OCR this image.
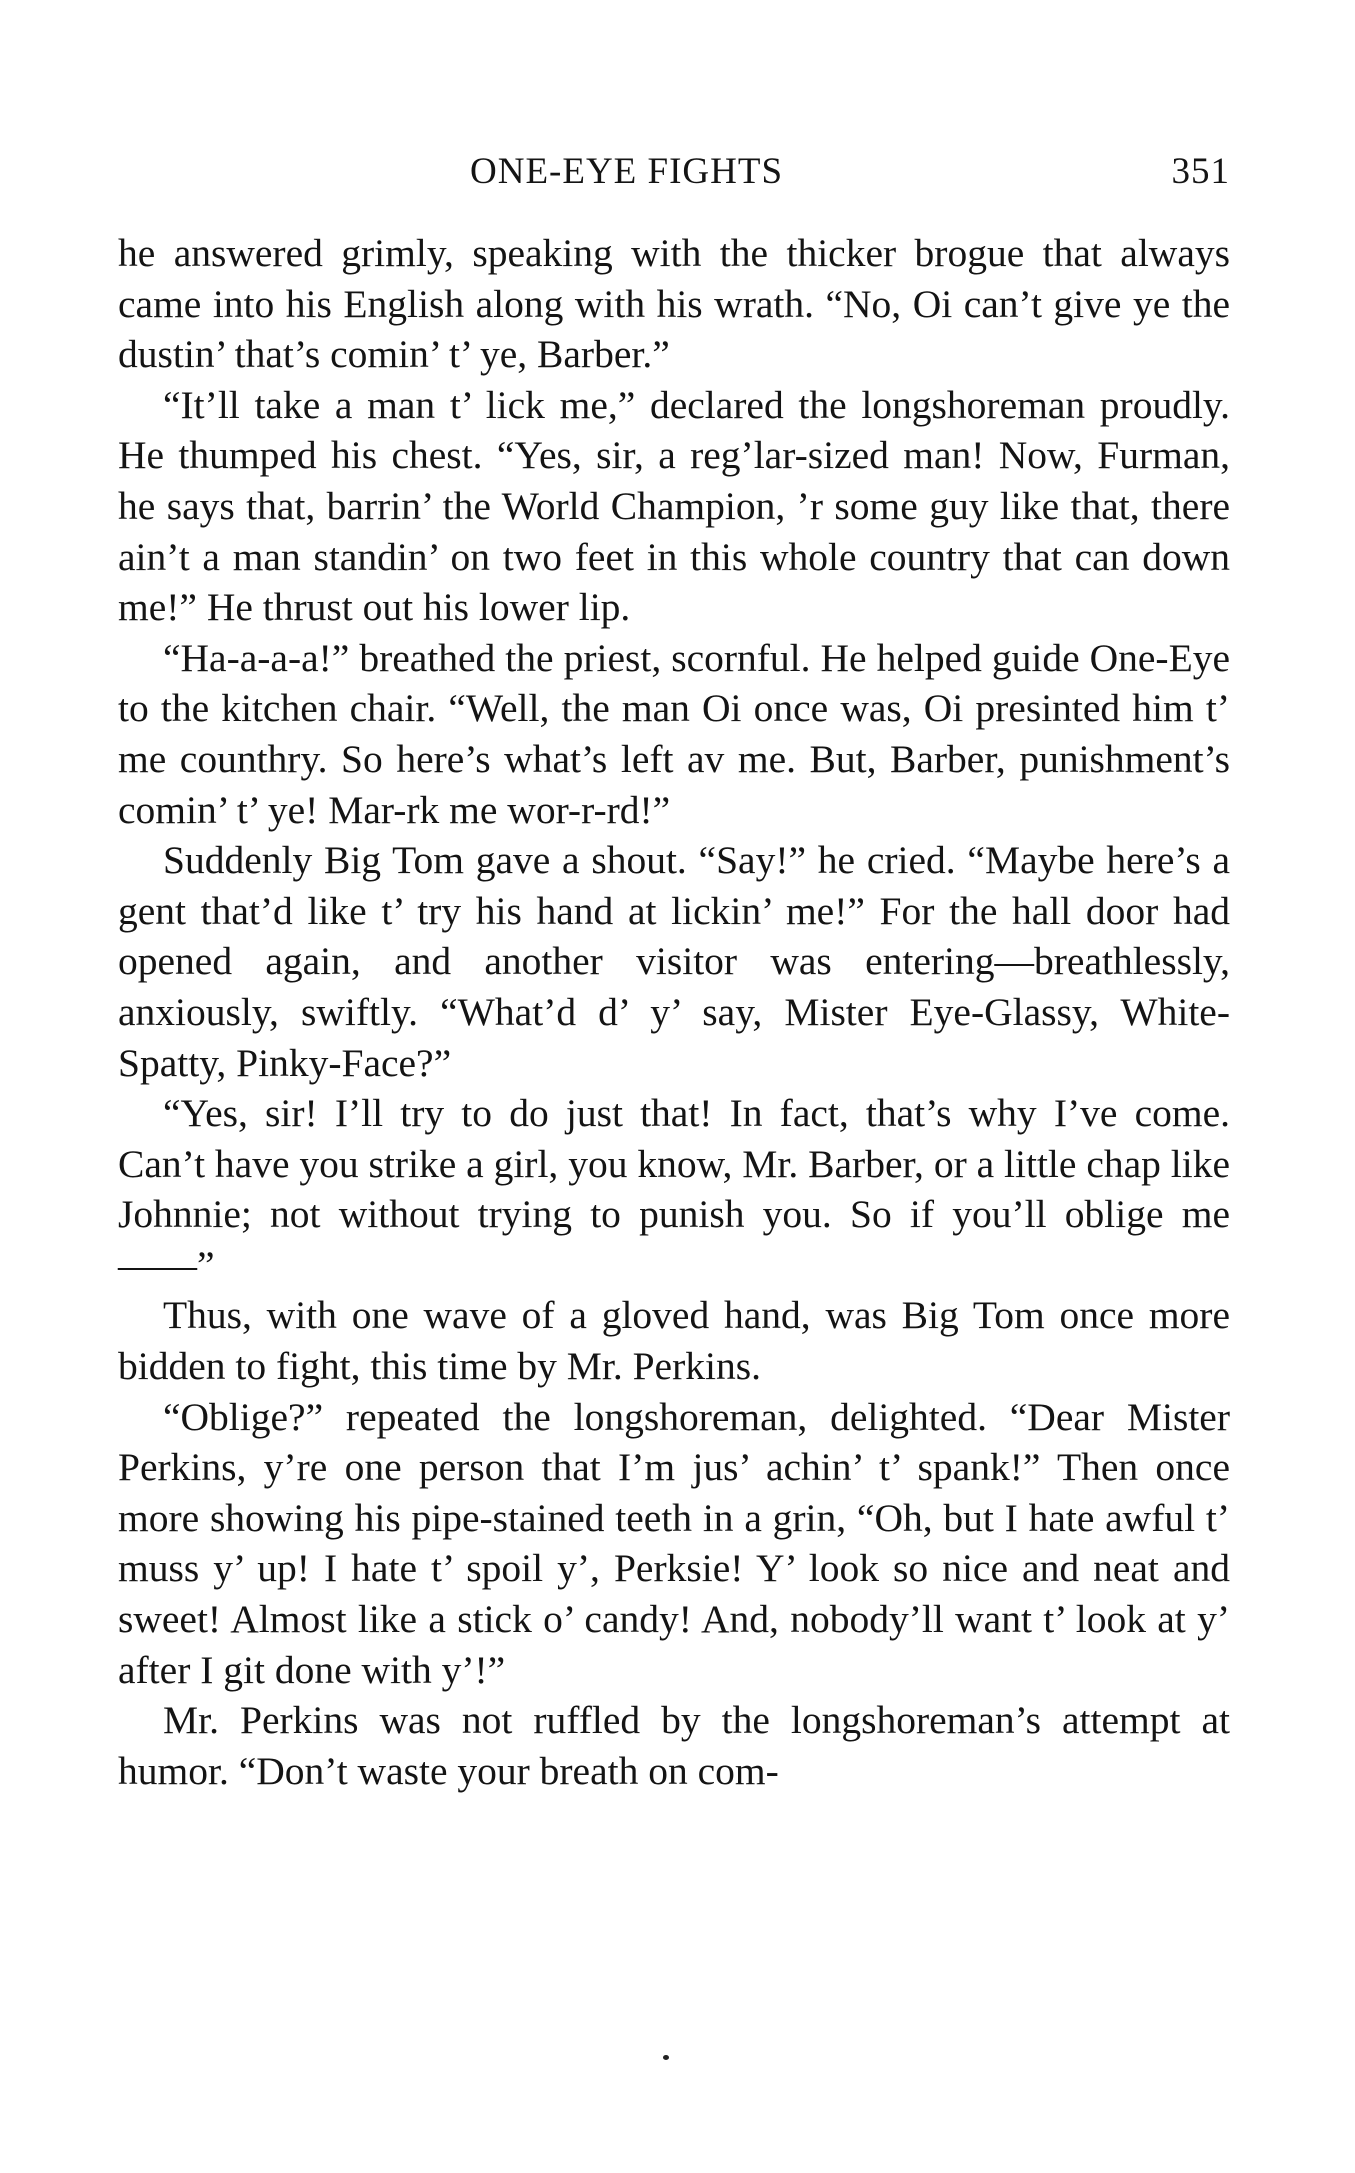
ONE-EYE FIGHTS	351

he answered grimly, speaking with the thicker brogue that always came into his English along with his wrath. “No, Oi can’t give ye the dustin’ that’s comin’ t’ ye, Barber.”

“It’ll take a man t’ lick me,” declared the longshoreman proudly. He thumped his chest. “Yes, sir, a reg’lar-sized man! Now, Furman, he says that, barrin’ the World Champion, ’r some guy like that, there ain’t a man standin’ on two feet in this whole country that can down me!” He thrust out his lower lip.

“Ha-a-a-a!” breathed the priest, scornful. He helped guide One-Eye to the kitchen chair. “Well, the man Oi once was, Oi presinted him t’ me counthry. So here’s what’s left av me. But, Barber, punishment’s comin’ t’ ye! Mar-rk me wor-r-rd!”

Suddenly Big Tom gave a shout. “Say!” he cried. “Maybe here’s a gent that’d like t’ try his hand at lickin’ me!” For the hall door had opened again, and another visitor was entering—breathlessly, anxiously, swiftly. “What’d d’ y’ say, Mister Eye-Glassy, White-Spatty, Pinky-Face?”

“Yes, sir! I’ll try to do just that! In fact, that’s why I’ve come. Can’t have you strike a girl, you know, Mr. Barber, or a little chap like Johnnie; not without trying to punish you. So if you’ll oblige me——”

Thus, with one wave of a gloved hand, was Big Tom once more bidden to fight, this time by Mr. Perkins.

“Oblige?” repeated the longshoreman, delighted. “Dear Mister Perkins, y’re one person that I’m jus’ achin’ t’ spank!” Then once more showing his pipe-stained teeth in a grin, “Oh, but I hate awful t’ muss y’ up! I hate t’ spoil y’, Perksie! Y’ look so nice and neat and sweet! Almost like a stick o’ candy! And, nobody’ll want t’ look at y’ after I git done with y’!”

Mr. Perkins was not ruffled by the longshoreman’s attempt at humor. “Don’t waste your breath on com-
